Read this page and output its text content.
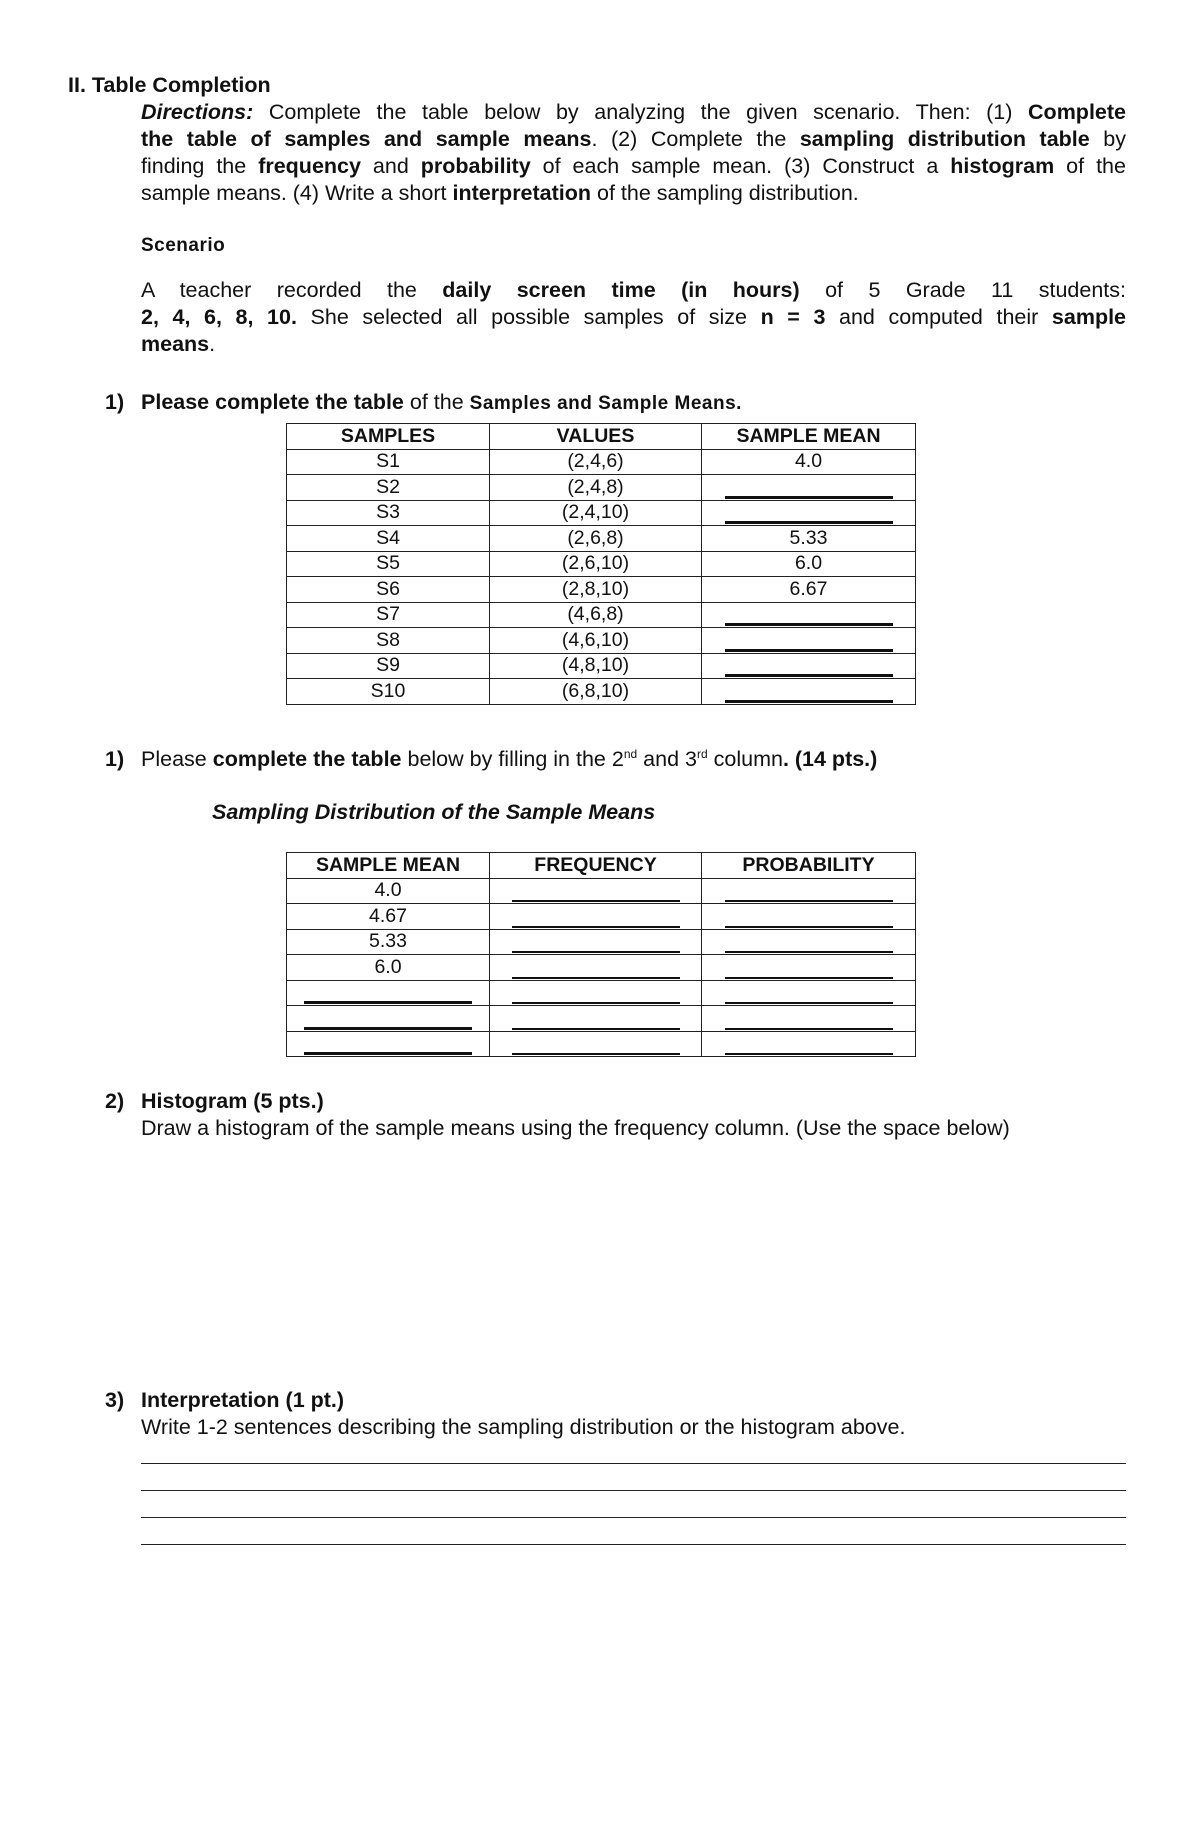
II. Table Completion
Directions: Complete the table below by analyzing the given scenario. Then: (1) Complete
the table of samples and sample means. (2) Complete the sampling distribution table by
finding the frequency and probability of each sample mean. (3) Construct a histogram of the
sample means. (4) Write a short interpretation of the sampling distribution.
Scenario
A teacher recorded the daily screen time (in hours) of 5 Grade 11 students:
2, 4, 6, 8, 10. She selected all possible samples of size n = 3 and computed their sample
means.
1) Please complete the table of the Samples and Sample Means.
SAMPLES	VALUES	SAMPLE MEAN
S1	(2,4,6)	4.0
S2	(2,4,8)	
S3	(2,4,10)	
S4	(2,6,8)	5.33
S5	(2,6,10)	6.0
S6	(2,8,10)	6.67
S7	(4,6,8)	
S8	(4,6,10)	
S9	(4,8,10)	
S10	(6,8,10)	
1) Please complete the table below by filling in the 2nd and 3rd column. (14 pts.)
Sampling Distribution of the Sample Means
SAMPLE MEAN	FREQUENCY	PROBABILITY
4.0		
4.67		
5.33		
6.0		

2) Histogram (5 pts.)
Draw a histogram of the sample means using the frequency column. (Use the space below)
3) Interpretation (1 pt.)
Write 1-2 sentences describing the sampling distribution or the histogram above.
